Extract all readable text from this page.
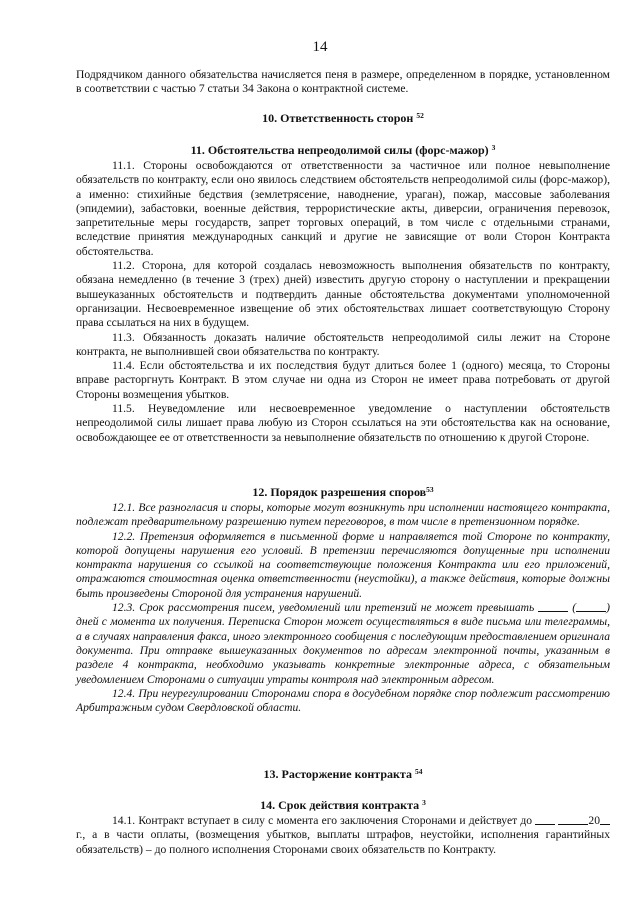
14

Подрядчиком данного обязательства начисляется пеня в размере, определенном в порядке, установленном в соответствии с частью 7 статьи 34 Закона о контрактной системе.

10. Ответственность сторон $^{52}$
11. Обстоятельства непреодолимой силы (форс-мажор) $^3$

11.1. Стороны освобождаются от ответственности за частичное или полное невыполнение обязательств по контракту, если оно явилось следствием обстоятельств непреодолимой силы (форс-мажор), а именно: стихийные бедствия (землетрясение, наводнение, ураган), пожар, массовые заболевания (эпидемии), забастовки, военные действия, террористические акты, диверсии, ограничения перевозок, запретительные меры государств, запрет торговых операций, в том числе с отдельными странами, вследствие принятия международных санкций и другие не зависящие от воли Сторон Контракта обстоятельства.

11.2. Сторона, для которой создалась невозможность выполнения обязательств по контракту, обязана немедленно (в течение 3 (трех) дней) известить другую сторону о наступлении и прекращении вышеуказанных обстоятельств и подтвердить данные обстоятельства документами уполномоченной организации. Несвоевременное извещение об этих обстоятельствах лишает соответствующую Сторону права ссылаться на них в будущем.

11.3. Обязанность доказать наличие обстоятельств непреодолимой силы лежит на Стороне контракта, не выполнившей свои обязательства по контракту.

11.4. Если обстоятельства и их последствия будут длиться более 1 (одного) месяца, то Стороны вправе расторгнуть Контракт. В этом случае ни одна из Сторон не имеет права потребовать от другой Стороны возмещения убытков.

11.5. Неуведомление или несвоевременное уведомление о наступлении обстоятельств непреодолимой силы лишает права любую из Сторон ссылаться на эти обстоятельства как на основание, освобождающее ее от ответственности за невыполнение обязательств по отношению к другой Стороне.

12. Порядок разрешения споров$^{53}$

12.1. Все разногласия и споры, которые могут возникнуть при исполнении настоящего контракта, подлежат предварительному разрешению путем переговоров, в том числе в претензионном порядке.

12.2. Претензия оформляется в письменной форме и направляется той Стороне по контракту, которой допущены нарушения его условий. В претензии перечисляются допущенные при исполнении контракта нарушения со ссылкой на соответствующие положения Контракта или его приложений, отражаются стоимостная оценка ответственности (неустойки), а также действия, которые должны быть произведены Стороной для устранения нарушений.

12.3. Срок рассмотрения писем, уведомлений или претензий не может превышать	(	) дней с момента их получения. Переписка Сторон может осуществляться в виде письма или телеграммы, а в случаях направления факса, иного электронного сообщения с последующим предоставлением оригинала документа. При отправке вышеуказанных документов по адресам электронной почты, указанным в разделе 4 контракта, необходимо указывать конкретные электронные адреса, с обязательным уведомлением Сторонами о ситуации утраты контроля над электронным адресом.

12.4. При неурегулировании Сторонами спора в досудебном порядке спор подлежит рассмотрению Арбитражным судом Свердловской области.

13. Расторжение контракта $^{54}$
14. Срок действия контракта $^3$

14.1. Контракт вступает в силу с момента его заключения Сторонами и действует до	20 г., а в части оплаты, (возмещения убытков, выплаты штрафов, неустойки, исполнения гарантийных обязательств) – до полного исполнения Сторонами своих обязательств по Контракту.
